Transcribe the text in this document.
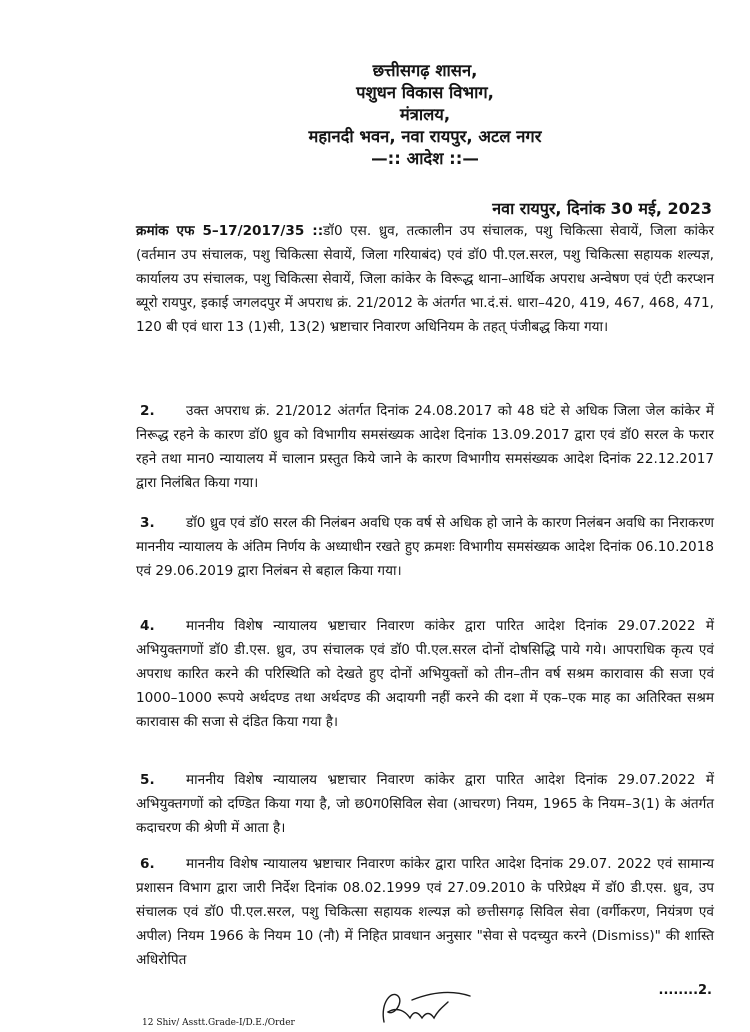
छत्तीसगढ़ शासन,
पशुधन विकास विभाग,
मंत्रालय,
महानदी भवन, नवा रायपुर, अटल नगर
—:: आदेश ::—
नवा रायपुर, दिनांक 30 मई, 2023
क्रमांक एफ 5–17/2017/35 ::डॉ0 एस. ध्रुव, तत्कालीन उप संचालक, पशु चिकित्सा सेवायें, जिला कांकेर (वर्तमान उप संचालक, पशु चिकित्सा सेवायें, जिला गरियाबंद) एवं डॉ0 पी.एल.सरल, पशु चिकित्सा सहायक शल्यज्ञ, कार्यालय उप संचालक, पशु चिकित्सा सेवायें, जिला कांकेर के विरूद्ध थाना–आर्थिक अपराध अन्वेषण एवं एंटी करप्शन ब्यूरो रायपुर, इकाई जगलदपुर में अपराध क्रं. 21/2012 के अंतर्गत भा.दं.सं. धारा–420, 419, 467, 468, 471, 120 बी एवं धारा 13 (1)सी, 13(2) भ्रष्टाचार निवारण अधिनियम के तहत् पंजीबद्ध किया गया।
2. उक्त अपराध क्रं. 21/2012 अंतर्गत दिनांक 24.08.2017 को 48 घंटे से अधिक जिला जेल कांकेर में निरूद्ध रहने के कारण डॉ0 ध्रुव को विभागीय समसंख्यक आदेश दिनांक 13.09.2017 द्वारा एवं डॉ0 सरल के फरार रहने तथा मान0 न्यायालय में चालान प्रस्तुत किये जाने के कारण विभागीय समसंख्यक आदेश दिनांक 22.12.2017 द्वारा निलंबित किया गया।
3. डॉ0 ध्रुव एवं डॉ0 सरल की निलंबन अवधि एक वर्ष से अधिक हो जाने के कारण निलंबन अवधि का निराकरण माननीय न्यायालय के अंतिम निर्णय के अध्याधीन रखते हुए क्रमशः विभागीय समसंख्यक आदेश दिनांक 06.10.2018 एवं 29.06.2019 द्वारा निलंबन से बहाल किया गया।
4. माननीय विशेष न्यायालय भ्रष्टाचार निवारण कांकेर द्वारा पारित आदेश दिनांक 29.07.2022 में अभियुक्तगणों डॉ0 डी.एस. ध्रुव, उप संचालक एवं डॉ0 पी.एल.सरल दोनों दोषसिद्धि पाये गये। आपराधिक कृत्य एवं अपराध कारित करने की परिस्थिति को देखते हुए दोनों अभियुक्तों को तीन–तीन वर्ष सश्रम कारावास की सजा एवं 1000–1000 रूपये अर्थदण्ड तथा अर्थदण्ड की अदायगी नहीं करने की दशा में एक–एक माह का अतिरिक्त सश्रम कारावास की सजा से दंडित किया गया है।
5. माननीय विशेष न्यायालय भ्रष्टाचार निवारण कांकेर द्वारा पारित आदेश दिनांक 29.07.2022 में अभियुक्तगणों को दण्डित किया गया है, जो छ0ग0सिविल सेवा (आचरण) नियम, 1965 के नियम–3(1) के अंतर्गत कदाचरण की श्रेणी में आता है।
6. माननीय विशेष न्यायालय भ्रष्टाचार निवारण कांकेर द्वारा पारित आदेश दिनांक 29.07. 2022 एवं सामान्य प्रशासन विभाग द्वारा जारी निर्देश दिनांक 08.02.1999 एवं 27.09.2010 के परिप्रेक्ष्य में डॉ0 डी.एस. ध्रुव, उप संचालक एवं डॉ0 पी.एल.सरल, पशु चिकित्सा सहायक शल्यज्ञ को छत्तीसगढ़ सिविल सेवा (वर्गीकरण, नियंत्रण एवं अपील) नियम 1966 के नियम 10 (नौ) में निहित प्रावधान अनुसार "सेवा से पदच्युत करने (Dismiss)" की शास्ति अधिरोपित
........2.
12 Shiv/ Asstt.Grade-I/D.E./Order
